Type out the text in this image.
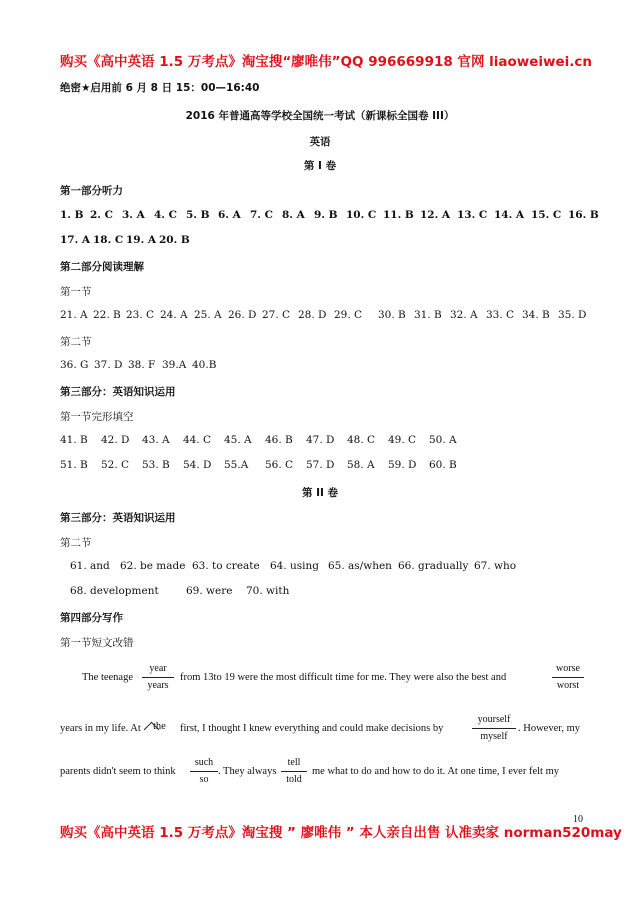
购买《高中英语 1.5 万考点》淘宝搜“廖唯伟”QQ 996669918 官网 liaoweiwei.cn
绝密★启用前 6 月 8 日 15：00—16:40
2016 年普通高等学校全国统一考试（新课标全国卷 III）
英语
第 I 卷
第一部分听力
1. B 2. C 3. A 4. C 5. B 6. A 7. C 8. A 9. B 10. C 11. B 12. A 13. C 14. A 15. C 16. B
17. A 18. C 19. A 20. B
第二部分阅读理解
第一节
21. A 22. B 23. C 24. A 25. A 26. D 27. C 28. D 29. C	30. B 31. B 32. A 33. C 34. B 35. D
第二节
36. G 37. D 38. F 39.A 40.B
第三部分：英语知识运用
第一节完形填空
41. B	42. D	43. A	44. C	45. A	46. B	47. D	48. C	49. C	50. A
51. B	52. C	53. B	54. D	55.A	56. C	57. D	58. A	59. D	60. B
第 II 卷
第三部分：英语知识运用
第二节
61. and 62. be made 63. to create 64. using 65. as/when 66. gradually 67. who
68. development	69. were	70. with
第四部分写作
第一节短文改错
The teenage
year
years
from 13to 19 were the most difficult time for me. They were also the best and
worse
worst
years in my life. At the first, I thought I knew everything and could make decisions by
yourself
myself
. However, my
parents didn't seem to think
such
so
. They always
tell
told
me what to do and how to do it. At one time, I ever felt my
10
购买《高中英语 1.5 万考点》淘宝搜 ” 廖唯伟 ” 本人亲自出售 认准卖家 norman520may
